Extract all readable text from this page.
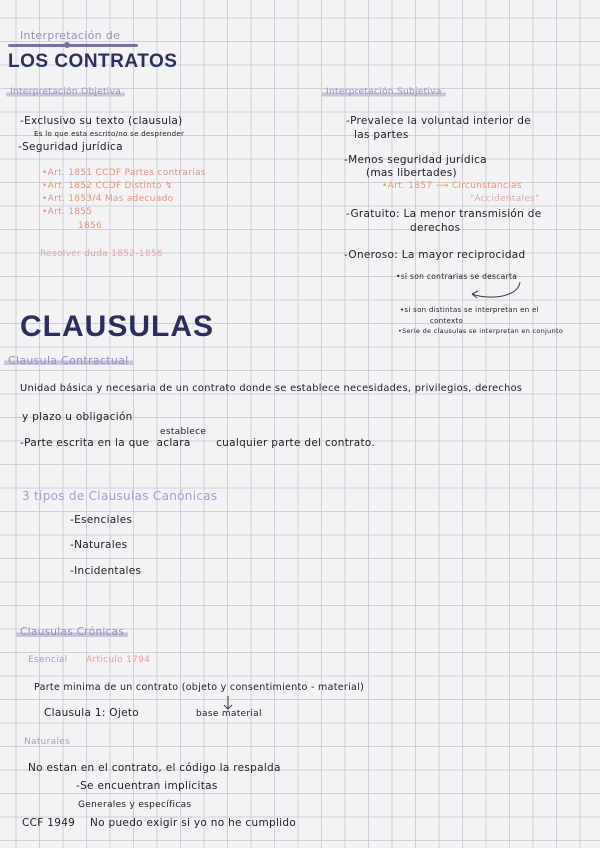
Interpretación de
LOS CONTRATOS
Interpretación Objetiva
-Exclusivo su texto (clausula)
Es lo que esta escrito/no se desprender
-Seguridad jurídica
•Art. 1851 CCDF Partes contrarias
•Art. 1852 CCDF Distinto ↯
•Art. 1853/4 Mas adecuado
•Art. 1855
1856
Resolver duda 1852-1856
Interpretación Subjetiva
-Prevalece la voluntad interior de
las partes
-Menos seguridad jurídica
(mas libertades)
•Art. 1857 ⟶ Circunstancias
"Accidentales"
-Gratuito: La menor transmisión de
derechos
-Oneroso: La mayor reciprocidad
•si son contrarias se descarta
•si son distintas se interpretan en el
contexto
•Serie de clausulas se interpretan en conjunto
CLAUSULAS
Clausula Contractual
Unidad básica y necesaria de un contrato donde se establece necesidades, privilegios, derechos
y plazo u obligación
establece
-Parte escrita en la que  aclara       cualquier parte del contrato.
3 tipos de Clausulas Canónicas
-Esenciales
-Naturales
-Incidentales
Clausulas Crónicas
Esencial Articulo 1794
Parte minima de un contrato (objeto y consentimiento - material)
Clausula 1: Ojeto	base material
Naturales
No estan en el contrato, el código la respalda
-Se encuentran implicitas
Generales y específicas
CCF 1949 No puedo exigir si yo no he cumplido
